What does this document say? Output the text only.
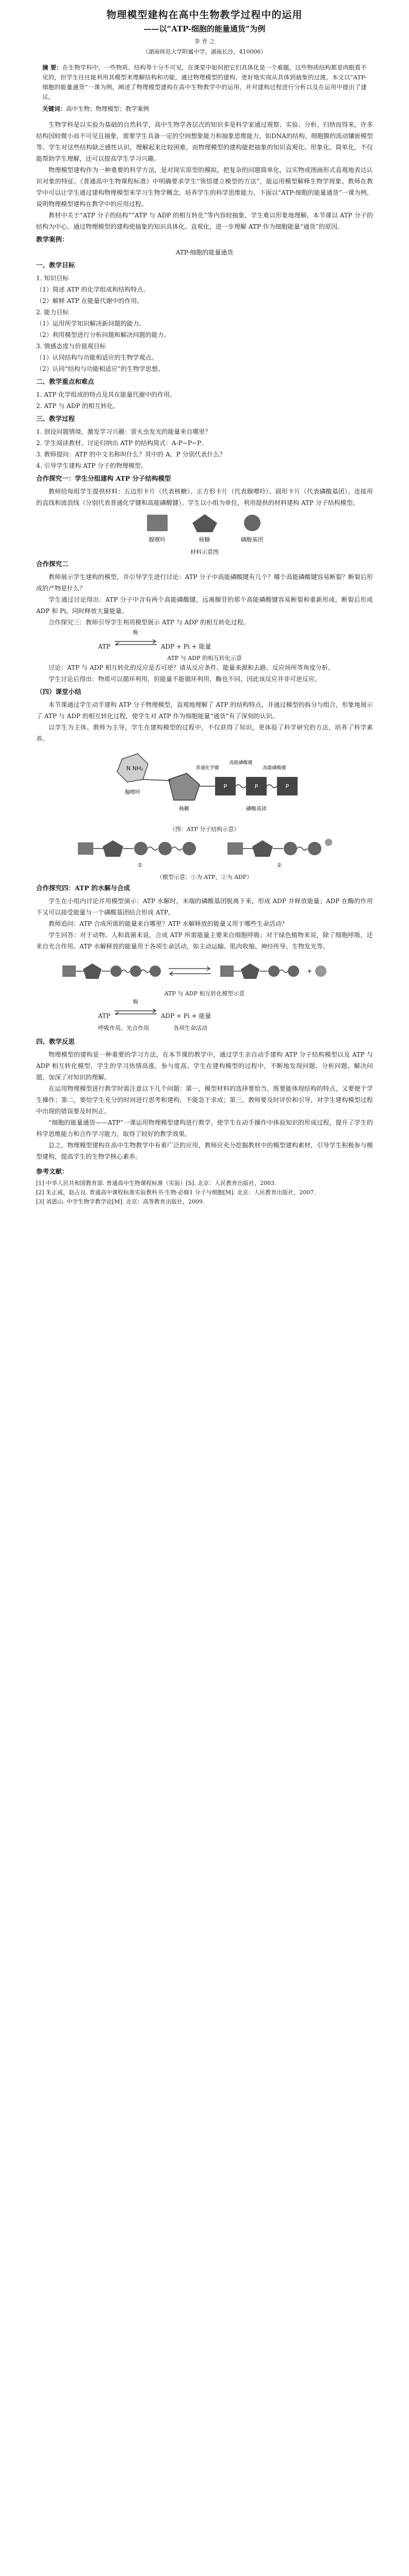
物理模型建构在高中生物教学过程中的运用
——以“ATP-细胞的能量通货”为例
李 青 之
（湖南师范大学附属中学，湖南长沙，410006）

摘 要：在生物学科中，一些物质、结构等十分不可见，在课堂中如何把它们具体化是一个难题。这些物质结构都是肉眼看不见的，但学生往往能利用其模型来理解结构和功能，通过物理模型的建构，更好地实现从具体到抽象的过渡，本文以“ATP-细胞的能量通货”一课为例，阐述了物理模型建构在高中生物教学中的运用，并对建构过程进行分析以及在运用中提出了建议。

关键词：高中生物；物理模型；教学案例

生物学科是以实验为基础的自然科学，高中生物学各层次的知识多是科学家通过观察、实验、分析、归纳而得来，许多结构因较微小而不可见且抽象，需要学生具备一定的空间想象能力和抽象思维能力，如DNA的结构、细胞膜的流动镶嵌模型等。学生对这些结构缺乏感性认识，理解起来比较困难，而物理模型的建构能把抽象的知识直观化、形象化、简单化，不仅能帮助学生理解，还可以提高学生学习兴趣。

物理模型建构作为一种重要的科学方法，是对现实原型的模拟，把复杂的问题简单化，以实物或图画形式直观地表达认识对象的特征。《普通高中生物课程标准》中明确要求学生“领悟建立模型的方法”，能运用模型解释生物学现象。教师在教学中可以让学生通过建构物理模型来学习生物学概念，培养学生的科学思维能力，下面以“ATP-细胞的能量通货”一课为例，说明物理模型建构在教学中的应用过程。

教材中关于“ATP 分子的结构”“ATP 与 ADP 的相互转化”等内容较抽象，学生难以形象地理解，本节课以 ATP 分子的结构为中心，通过物理模型的建构使抽象的知识具体化、直观化，进一步理解 ATP 作为细胞能量“通货”的原因。

教学案例：
ATP-细胞的能量通货
一、教学目标

1. 知识目标

（1）简述 ATP 的化学组成和结构特点。

（2）解释 ATP 在能量代谢中的作用。

2. 能力目标

（1）运用所学知识解决新问题的能力。

（2）利用模型进行分析问题和解决问题的能力。

3. 情感态度与价值观目标

（1）认同结构与功能相适应的生物学观点。

（2）认同“结构与功能相适应”的生物学思想。

二、教学重点和难点

1. ATP 化学组成的特点及其在能量代谢中的作用。

2. ATP 与 ADP 的相互转化。

三、教学过程

1. 创设问题情境，激发学习兴趣：萤火虫发光的能量来自哪里？

2. 学生阅读教材，讨论归纳出 ATP 的结构简式：A-P~P~P。

3. 教师提问：ATP 的中文名称叫什么？其中的 A、P 分别代表什么？

4. 引导学生建构 ATP 分子的物理模型。

合作探究一：学生分组建构 ATP 分子结构模型

教师给每组学生提供材料：五边形卡片（代表核糖）、正方形卡片（代表腺嘌呤）、圆形卡片（代表磷酸基团）、连接用的直线和波浪线（分别代表普通化学键和高能磷酸键）。学生以小组为单位，利用提供的材料建构 ATP 分子结构模型。

腺嘌呤	核糖	磷酸基团
材料示意图
合作探究二

教师展示学生建构的模型，并引导学生进行讨论：ATP 分子中高能磷酸键有几个？哪个高能磷酸键容易断裂？断裂后形成的产物是什么？

学生通过讨论得出：ATP 分子中含有两个高能磷酸键，远离腺苷的那个高能磷酸键容易断裂和重新形成，断裂后形成 ADP 和 Pi，同时释放大量能量。

合作探究三：教师引导学生利用模型展示 ATP 与 ADP 的相互转化过程。

ATP 酶
ADP + Pi + 能量
ATP 与 ADP 的相互转化示意

讨论：ATP 与 ADP 相互转化的反应是否可逆？请从反应条件、能量来源和去路、反应场所等角度分析。

学生讨论后得出：物质可以循环利用，但能量不能循环利用，酶也不同，因此该反应并非可逆反应。

（四）课堂小结

本节课通过学生动手建构 ATP 分子物理模型，直观地理解了 ATP 的结构特点，并通过模型的拆分与组合，形象地展示了 ATP 与 ADP 的相互转化过程，使学生对 ATP 作为细胞能量“通货”有了深刻的认识。

以学生为主体、教师为主导，学生在建构模型的过程中，不仅获得了知识，更体验了科学研究的方法，培养了科学素养。

N NH₂
P	P	P
腺嘌呤
核糖	磷酸基团
普通化学键
高能磷酸键
高能磷酸键
（图：ATP 分子结构示意）
①	②
（模型示意：①为 ATP，②为 ADP）
合作探究四：ATP 的水解与合成

学生在小组内讨论并用模型演示：ATP 水解时，末端的磷酸基团脱离下来，形成 ADP 并释放能量；ADP 在酶的作用下又可以接受能量与一个磷酸基团结合形成 ATP。

教师追问：ATP 合成所需的能量来自哪里？ATP 水解释放的能量又用于哪些生命活动？

学生回答：对于动物、人和真菌来说，合成 ATP 所需能量主要来自细胞呼吸；对于绿色植物来说，除了细胞呼吸，还来自光合作用。ATP 水解释放的能量用于各项生命活动，如主动运输、肌肉收缩、神经传导、生物发光等。

+
ATP 与 ADP 相互转化模型示意
ATP 酶
ADP + Pi + 能量
呼吸作用、光合作用	各项生命活动
四、教学反思

物理模型的建构是一种重要的学习方法，在本节课的教学中，通过学生亲自动手建构 ATP 分子结构模型以及 ATP 与 ADP 相互转化模型，学生的学习热情高涨，参与度高。学生在建构模型的过程中，不断地发现问题、分析问题、解决问题，加深了对知识的理解。

在运用物理模型进行教学时需注意以下几个问题：第一，模型材料的选择要恰当，既要能体现结构的特点，又要便于学生操作；第二，要给学生充分的时间进行思考和建构，不能急于求成；第三，教师要及时评价和引导，对学生建构模型过程中出现的错误要及时纠正。

“细胞的能量通货——ATP”一课运用物理模型建构进行教学，使学生在动手操作中体验知识的形成过程，提升了学生的科学思维能力和合作学习能力，取得了较好的教学效果。

总之，物理模型建构在高中生物教学中有着广泛的应用，教师应充分挖掘教材中的模型建构素材，引导学生积极参与模型建构，提高学生的生物学核心素养。

参考文献：

[1] 中华人民共和国教育部. 普通高中生物课程标准（实验）[S]. 北京：人民教育出版社，2003.

[2] 朱正威，赵占良. 普通高中课程标准实验教科书·生物·必修1 分子与细胞[M]. 北京：人民教育出版社，2007.

[3] 刘恩山. 中学生物学教学论[M]. 北京：高等教育出版社，2009.
